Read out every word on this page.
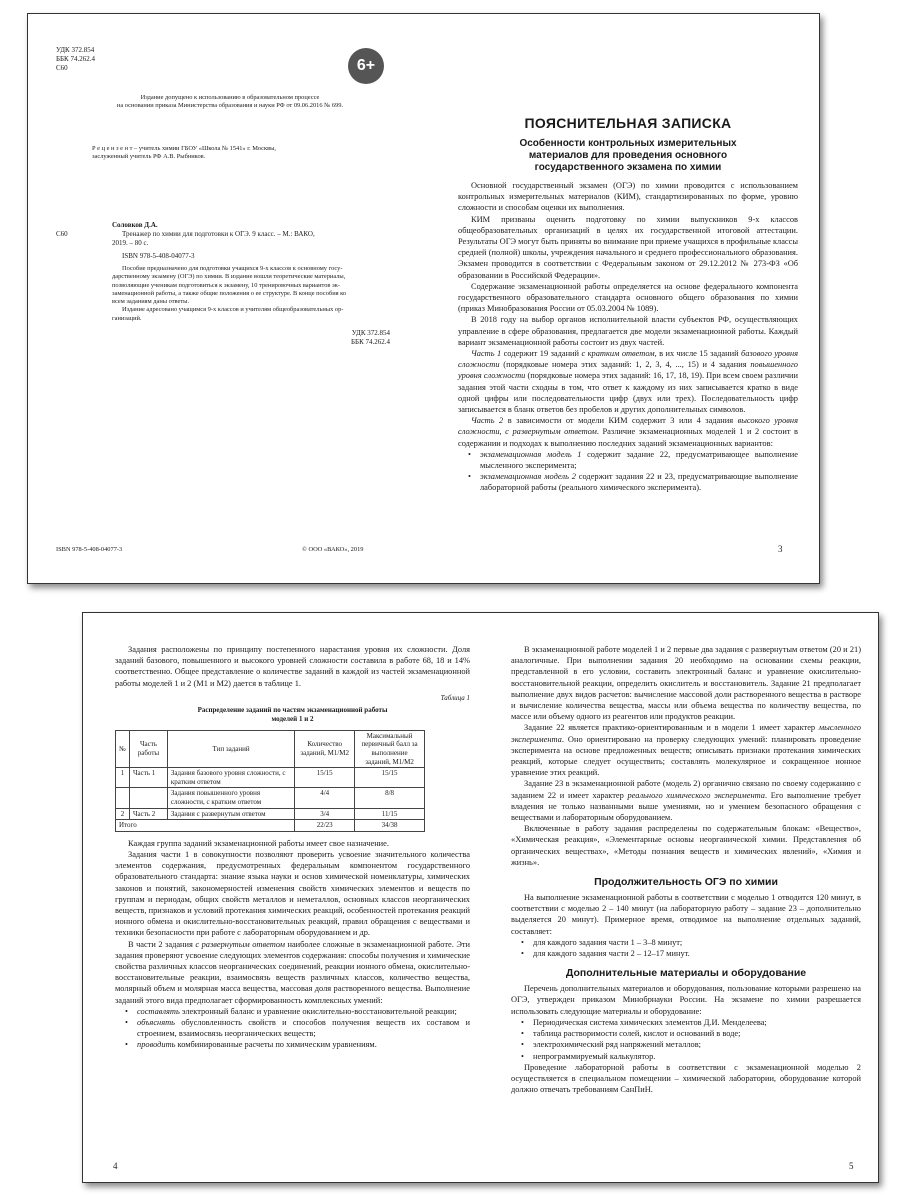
УДК 372.854
ББК 74.262.4
С60	6+
Издание допущено к использованию в образовательном процессе
на основании приказа Министерства образования и науки РФ от 09.06.2016 № 699.
Р е ц е н з е н т – учитель химии ГБОУ «Школа № 1541» г. Москвы,
заслуженный учитель РФ А.В. Рыбников.
Соловков Д.А.
С60	Тренажер по химии для подготовки к ОГЭ. 9 класс. – М.: ВАКО,
2019. – 80 с.
ISBN 978-5-408-04077-3
Пособие предназначено для подготовки учащихся 9-х классов к основному госу-
дарственному экзамену (ОГЭ) по химии. В издание вошли теоретические материалы,
позволяющие ученикам подготовиться к экзамену, 10 тренировочных вариантов эк-
заменационной работы, а также общие положения о ее структуре. В конце пособия ко
всем заданиям даны ответы.
Издание адресовано учащимся 9-х классов и учителям общеобразовательных ор-
ганизаций.
УДК 372.854
ББК 74.262.4
ISBN 978-5-408-04077-3	© ООО «ВАКО», 2019
ПОЯСНИТЕЛЬНАЯ ЗАПИСКА
Особенности контрольных измерительных
материалов для проведения основного
государственного экзамена по химии

Основной государственный экзамен (ОГЭ) по химии проводится с использованием контрольных измерительных материалов (КИМ), стандартизированных по форме, уровню сложности и способам оценки их выполнения.

КИМ призваны оценить подготовку по химии выпускников 9-х классов общеобразовательных организаций в целях их государственной итоговой аттестации. Результаты ОГЭ могут быть приняты во внимание при приеме учащихся в профильные классы средней (полной) школы, учреждения начального и среднего профессионального образования. Экзамен проводится в соответствии с Федеральным законом от 29.12.2012 № 273-ФЗ «Об образовании в Российской Федерации».

Содержание экзаменационной работы определяется на основе федерального компонента государственного образовательного стандарта основного общего образования по химии (приказ Минобразования России от 05.03.2004 № 1089).

В 2018 году на выбор органов исполнительной власти субъектов РФ, осуществляющих управление в сфере образования, предлагается две модели экзаменационной работы. Каждый вариант экзаменационной работы состоит из двух частей.

Часть 1 содержит 19 заданий с кратким ответом, в их числе 15 заданий базового уровня сложности (порядковые номера этих заданий: 1, 2, 3, 4, ..., 15) и 4 задания повышенного уровня сложности (порядковые номера этих заданий: 16, 17, 18, 19). При всем своем различии задания этой части сходны в том, что ответ к каждому из них записывается кратко в виде одной цифры или последовательности цифр (двух или трех). Последовательность цифр записывается в бланк ответов без пробелов и других дополнительных символов.

Часть 2 в зависимости от модели КИМ содержит 3 или 4 задания высокого уровня сложности, с развернутым ответом. Различие экзаменационных моделей 1 и 2 состоит в содержании и подходах к выполнению последних заданий экзаменационных вариантов:

• экзаменационная модель 1 содержит задание 22, предусматривающее выполнение мысленного эксперимента;
• экзаменационная модель 2 содержит задания 22 и 23, предусматривающие выполнение лабораторной работы (реального химического эксперимента).
3

Задания расположены по принципу постепенного нарастания уровня их сложности. Доля заданий базового, повышенного и высокого уровней сложности составила в работе 68, 18 и 14% соответственно. Общее представление о количестве заданий в каждой из частей экзаменационной работы моделей 1 и 2 (М1 и М2) дается в таблице 1.

Таблица 1
Распределение заданий по частям экзаменационной работы
моделей 1 и 2
№	Часть работы	Тип заданий	Количество заданий, М1/М2	Максимальный первичный балл за выполнение заданий, М1/М2
1	Часть 1	Задания базового уровня сложности, с кратким ответом	15/15	15/15
		Задания повышенного уровня сложности, с кратким ответом	4/4	8/8
2	Часть 2	Задания с развернутым ответом	3/4	11/15
Итого			22/23	34/38

Каждая группа заданий экзаменационной работы имеет свое назначение.

Задания части 1 в совокупности позволяют проверить усвоение значительного количества элементов содержания, предусмотренных федеральным компонентом государственного образовательного стандарта: знание языка науки и основ химической номенклатуры, химических законов и понятий, закономерностей изменения свойств химических элементов и веществ по группам и периодам, общих свойств металлов и неметаллов, основных классов неорганических веществ, признаков и условий протекания химических реакций, особенностей протекания реакций ионного обмена и окислительно-восстановительных реакций, правил обращения с веществами и техники безопасности при работе с лабораторным оборудованием и др.

В части 2 задания с развернутым ответом наиболее сложные в экзаменационной работе. Эти задания проверяют усвоение следующих элементов содержания: способы получения и химические свойства различных классов неорганических соединений, реакции ионного обмена, окислительно-восстановительные реакции, взаимосвязь веществ различных классов, количество вещества, молярный объем и молярная масса вещества, массовая доля растворенного вещества. Выполнение заданий этого вида предполагает сформированность комплексных умений:

• составлять электронный баланс и уравнение окислительно-восстановительной реакции;
• объяснять обусловленность свойств и способов получения веществ их составом и строением, взаимосвязь неорганических веществ;
• проводить комбинированные расчеты по химическим уравнениям.
4

В экзаменационной работе моделей 1 и 2 первые два задания с развернутым ответом (20 и 21) аналогичные. При выполнении задания 20 необходимо на основании схемы реакции, представленной в его условии, составить электронный баланс и уравнение окислительно-восстановительной реакции, определить окислитель и восстановитель. Задание 21 предполагает выполнение двух видов расчетов: вычисление массовой доли растворенного вещества в растворе и вычисление количества вещества, массы или объема вещества по количеству вещества, по массе или объему одного из реагентов или продуктов реакции.

Задание 22 является практико-ориентированным и в модели 1 имеет характер мысленного эксперимента. Оно ориентировано на проверку следующих умений: планировать проведение эксперимента на основе предложенных веществ; описывать признаки протекания химических реакций, которые следует осуществить; составлять молекулярное и сокращенное ионное уравнение этих реакций.

Задание 23 в экзаменационной работе (модель 2) органично связано по своему содержанию с заданием 22 и имеет характер реального химического эксперимента. Его выполнение требует владения не только названными выше умениями, но и умением безопасного обращения с веществами и лабораторным оборудованием.

Включенные в работу задания распределены по содержательным блокам: «Вещество», «Химическая реакция», «Элементарные основы неорганической химии. Представления об органических веществах», «Методы познания веществ и химических явлений», «Химия и жизнь».

Продолжительность ОГЭ по химии

На выполнение экзаменационной работы в соответствии с моделью 1 отводится 120 минут, в соответствии с моделью 2 – 140 минут (на лабораторную работу – задание 23 – дополнительно выделяется 20 минут). Примерное время, отводимое на выполнение отдельных заданий, составляет:

• для каждого задания части 1 – 3–8 минут;
• для каждого задания части 2 – 12–17 минут.
Дополнительные материалы и оборудование

Перечень дополнительных материалов и оборудования, пользование которыми разрешено на ОГЭ, утвержден приказом Минобрнауки России. На экзамене по химии разрешается использовать следующие материалы и оборудование:

• Периодическая система химических элементов Д.И. Менделеева;
• таблица растворимости солей, кислот и оснований в воде;
• электрохимический ряд напряжений металлов;
• непрограммируемый калькулятор.

Проведение лабораторной работы в соответствии с экзаменационной моделью 2 осуществляется в специальном помещении – химической лаборатории, оборудование которой должно отвечать требованиям СанПиН.

5
